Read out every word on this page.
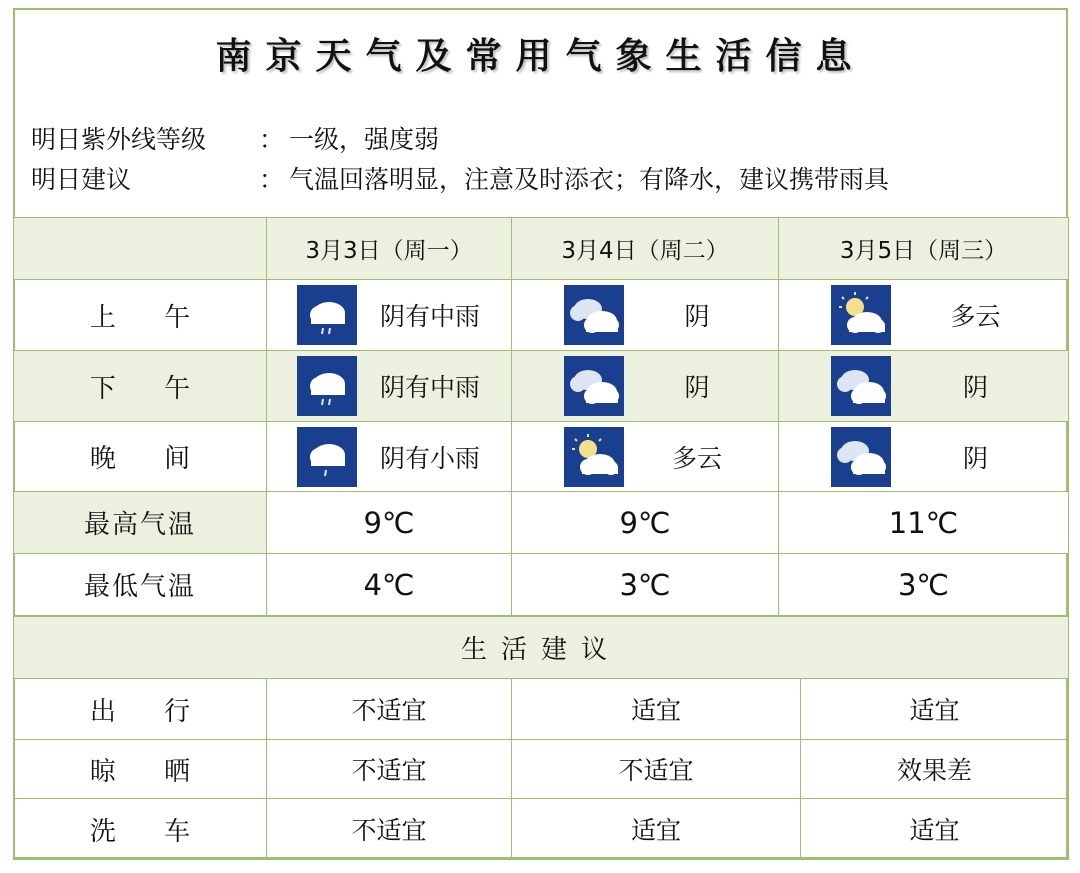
南京天气及常用气象生活信息
明日紫外线等级 ： 一级，强度弱
明日建议	： 气温回落明显，注意及时添衣；有降水，建议携带雨具
	3月3日（周一）	3月4日（周二）	3月5日（周三）
上 午	阴有中雨	阴	多云

下 午	阴有中雨	阴	阴

晚 间	阴有小雨	多云	阴

最高气温	9℃	9℃	11℃
最低气温	4℃	3℃	3℃
生活建议			
出 行	不适宜	适宜	适宜
晾 晒	不适宜	不适宜	效果差
洗 车	不适宜	适宜	适宜
